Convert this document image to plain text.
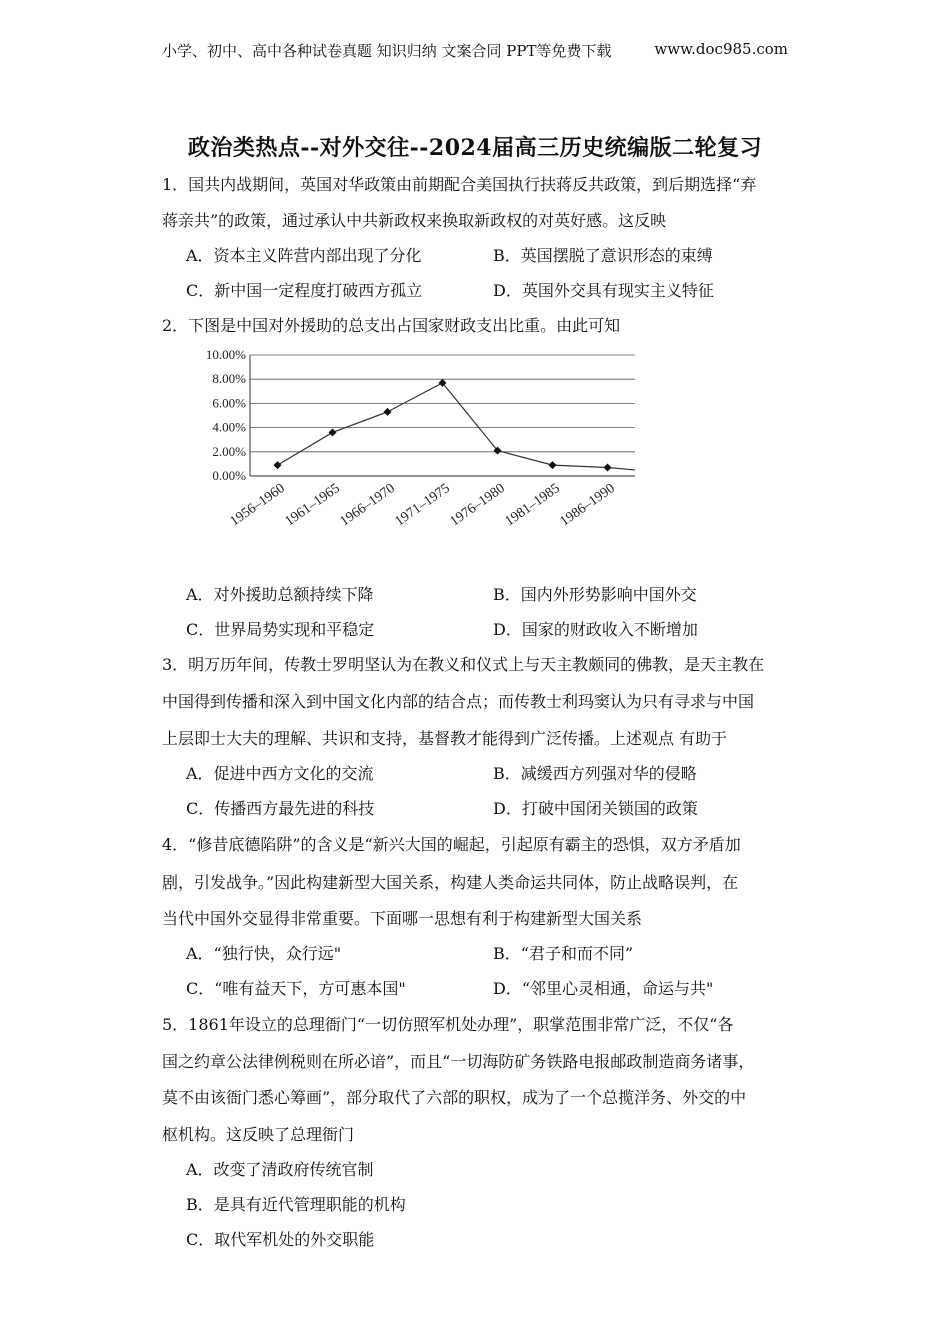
小学、初中、高中各种试卷真题 知识归纳 文案合同 PPT等免费下载	www.doc985.com
政治类热点--对外交往--2024届高三历史统编版二轮复习
1．国共内战期间，英国对华政策由前期配合美国执行扶蒋反共政策，到后期选择“弃
蒋亲共”的政策，通过承认中共新政权来换取新政权的对英好感。这反映
A．资本主义阵营内部出现了分化	B．英国摆脱了意识形态的束缚
C．新中国一定程度打破西方孤立	D．英国外交具有现实主义特征
2．下图是中国对外援助的总支出占国家财政支出比重。由此可知
10.00%
8.00%
6.00%
4.00%
2.00%
0.00%
1956–1960
1961–1965
1966–1970
1971–1975
1976–1980
1981–1985
1986–1990
A．对外援助总额持续下降	B．国内外形势影响中国外交
C．世界局势实现和平稳定	D．国家的财政收入不断增加
3．明万历年间，传教士罗明坚认为在教义和仪式上与天主教颇同的佛教，是天主教在
中国得到传播和深入到中国文化内部的结合点；而传教士利玛窦认为只有寻求与中国
上层即士大夫的理解、共识和支持，基督教才能得到广泛传播。上述观点 有助于
A．促进中西方文化的交流	B．减缓西方列强对华的侵略
C．传播西方最先进的科技	D．打破中国闭关锁国的政策
4．“修昔底德陷阱”的含义是“新兴大国的崛起，引起原有霸主的恐惧，双方矛盾加
剧，引发战争。”因此构建新型大国关系，构建人类命运共同体，防止战略误判，在
当代中国外交显得非常重要。下面哪一思想有利于构建新型大国关系
A．“独行快，众行远"	B．“君子和而不同”
C．“唯有益天下，方可惠本国"	D．“邻里心灵相通，命运与共"
5．1861年设立的总理衙门“一切仿照军机处办理”，职掌范围非常广泛，不仅“各
国之约章公法律例税则在所必谙”，而且“一切海防矿务铁路电报邮政制造商务诸事，
莫不由该衙门悉心筹画”，部分取代了六部的职权，成为了一个总揽洋务、外交的中
枢机构。这反映了总理衙门
A．改变了清政府传统官制
B．是具有近代管理职能的机构
C．取代军机处的外交职能
